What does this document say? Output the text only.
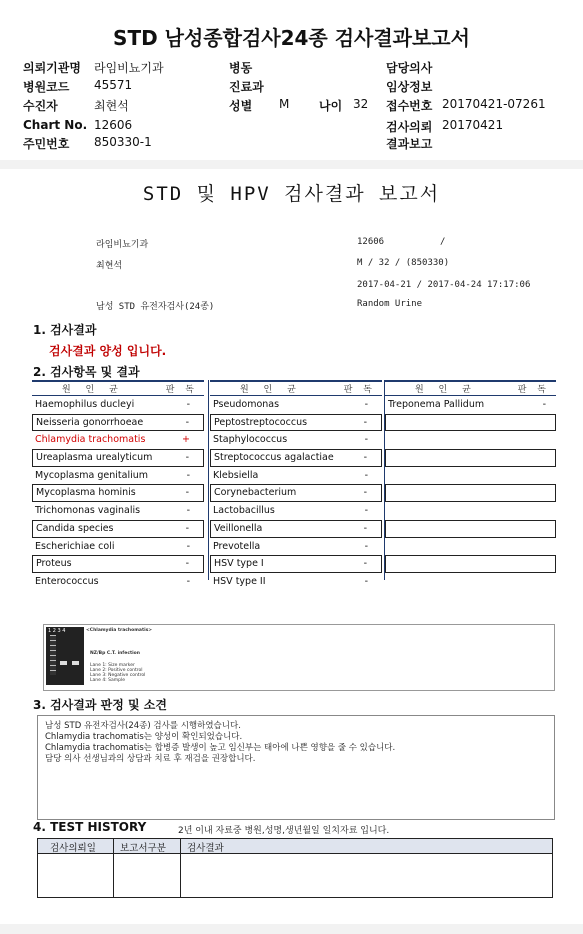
STD 남성종합검사24종 검사결과보고서
의뢰기관명 라임비뇨기과
병원코드 45571
수진자	최현석
Chart No. 12606
주민번호 850330-1
병동
진료과
성별 M 나이 32
담당의사
임상정보
접수번호 20170421-07261
검사의뢰 20170421
결과보고
STD 및 HPV 검사결과 보고서
라임비뇨기과	12606	/
최현석	M / 32 / (850330)
2017-04-21 / 2017-04-24 17:17:06
남성 STD 유전자검사(24종)	Random Urine
1. 검사결과
검사결과 양성 입니다.
2. 검사항목 및 결과
원 인 균	판 독
Haemophilus ducleyi	-
Neisseria gonorrhoeae	-
Chlamydia trachomatis	+
Ureaplasma urealyticum	-
Mycoplasma genitalium	-
Mycoplasma hominis	-
Trichomonas vaginalis	-
Candida species	-
Escherichiae coli	-
Proteus	-
Enterococcus	-
원 인 균	판 독
Pseudomonas	-
Peptostreptococcus	-
Staphylococcus	-
Streptococcus agalactiae	-
Klebsiella	-
Corynebacterium	-
Lactobacillus	-
Veillonella	-
Prevotella	-
HSV type I	-
HSV type II	-
원 인 균	판 독
Treponema Pallidum	-
1 2 3 4	<Chlamydia trachomatis>
NZ/Bp C.T. infection
Lane 1: Size marker
Lane 2: Positive control
Lane 3: Negative control
Lane 4: Sample
3. 검사결과 판정 및 소견
남성 STD 유전자검사(24종) 검사를 시행하였습니다.
Chlamydia trachomatis는 양성이 확인되었습니다.
Chlamydia trachomatis는 합병증 발생이 높고 임신부는 태아에 나쁜 영향을 줄 수 있습니다.
담당 의사 선생님과의 상담과 치료 후 재검을 권장합니다.
4. TEST HISTORY	2년 이내 자료중 병원,성명,생년월일 일치자료 입니다.
검사의뢰일	보고서구분 검사결과
